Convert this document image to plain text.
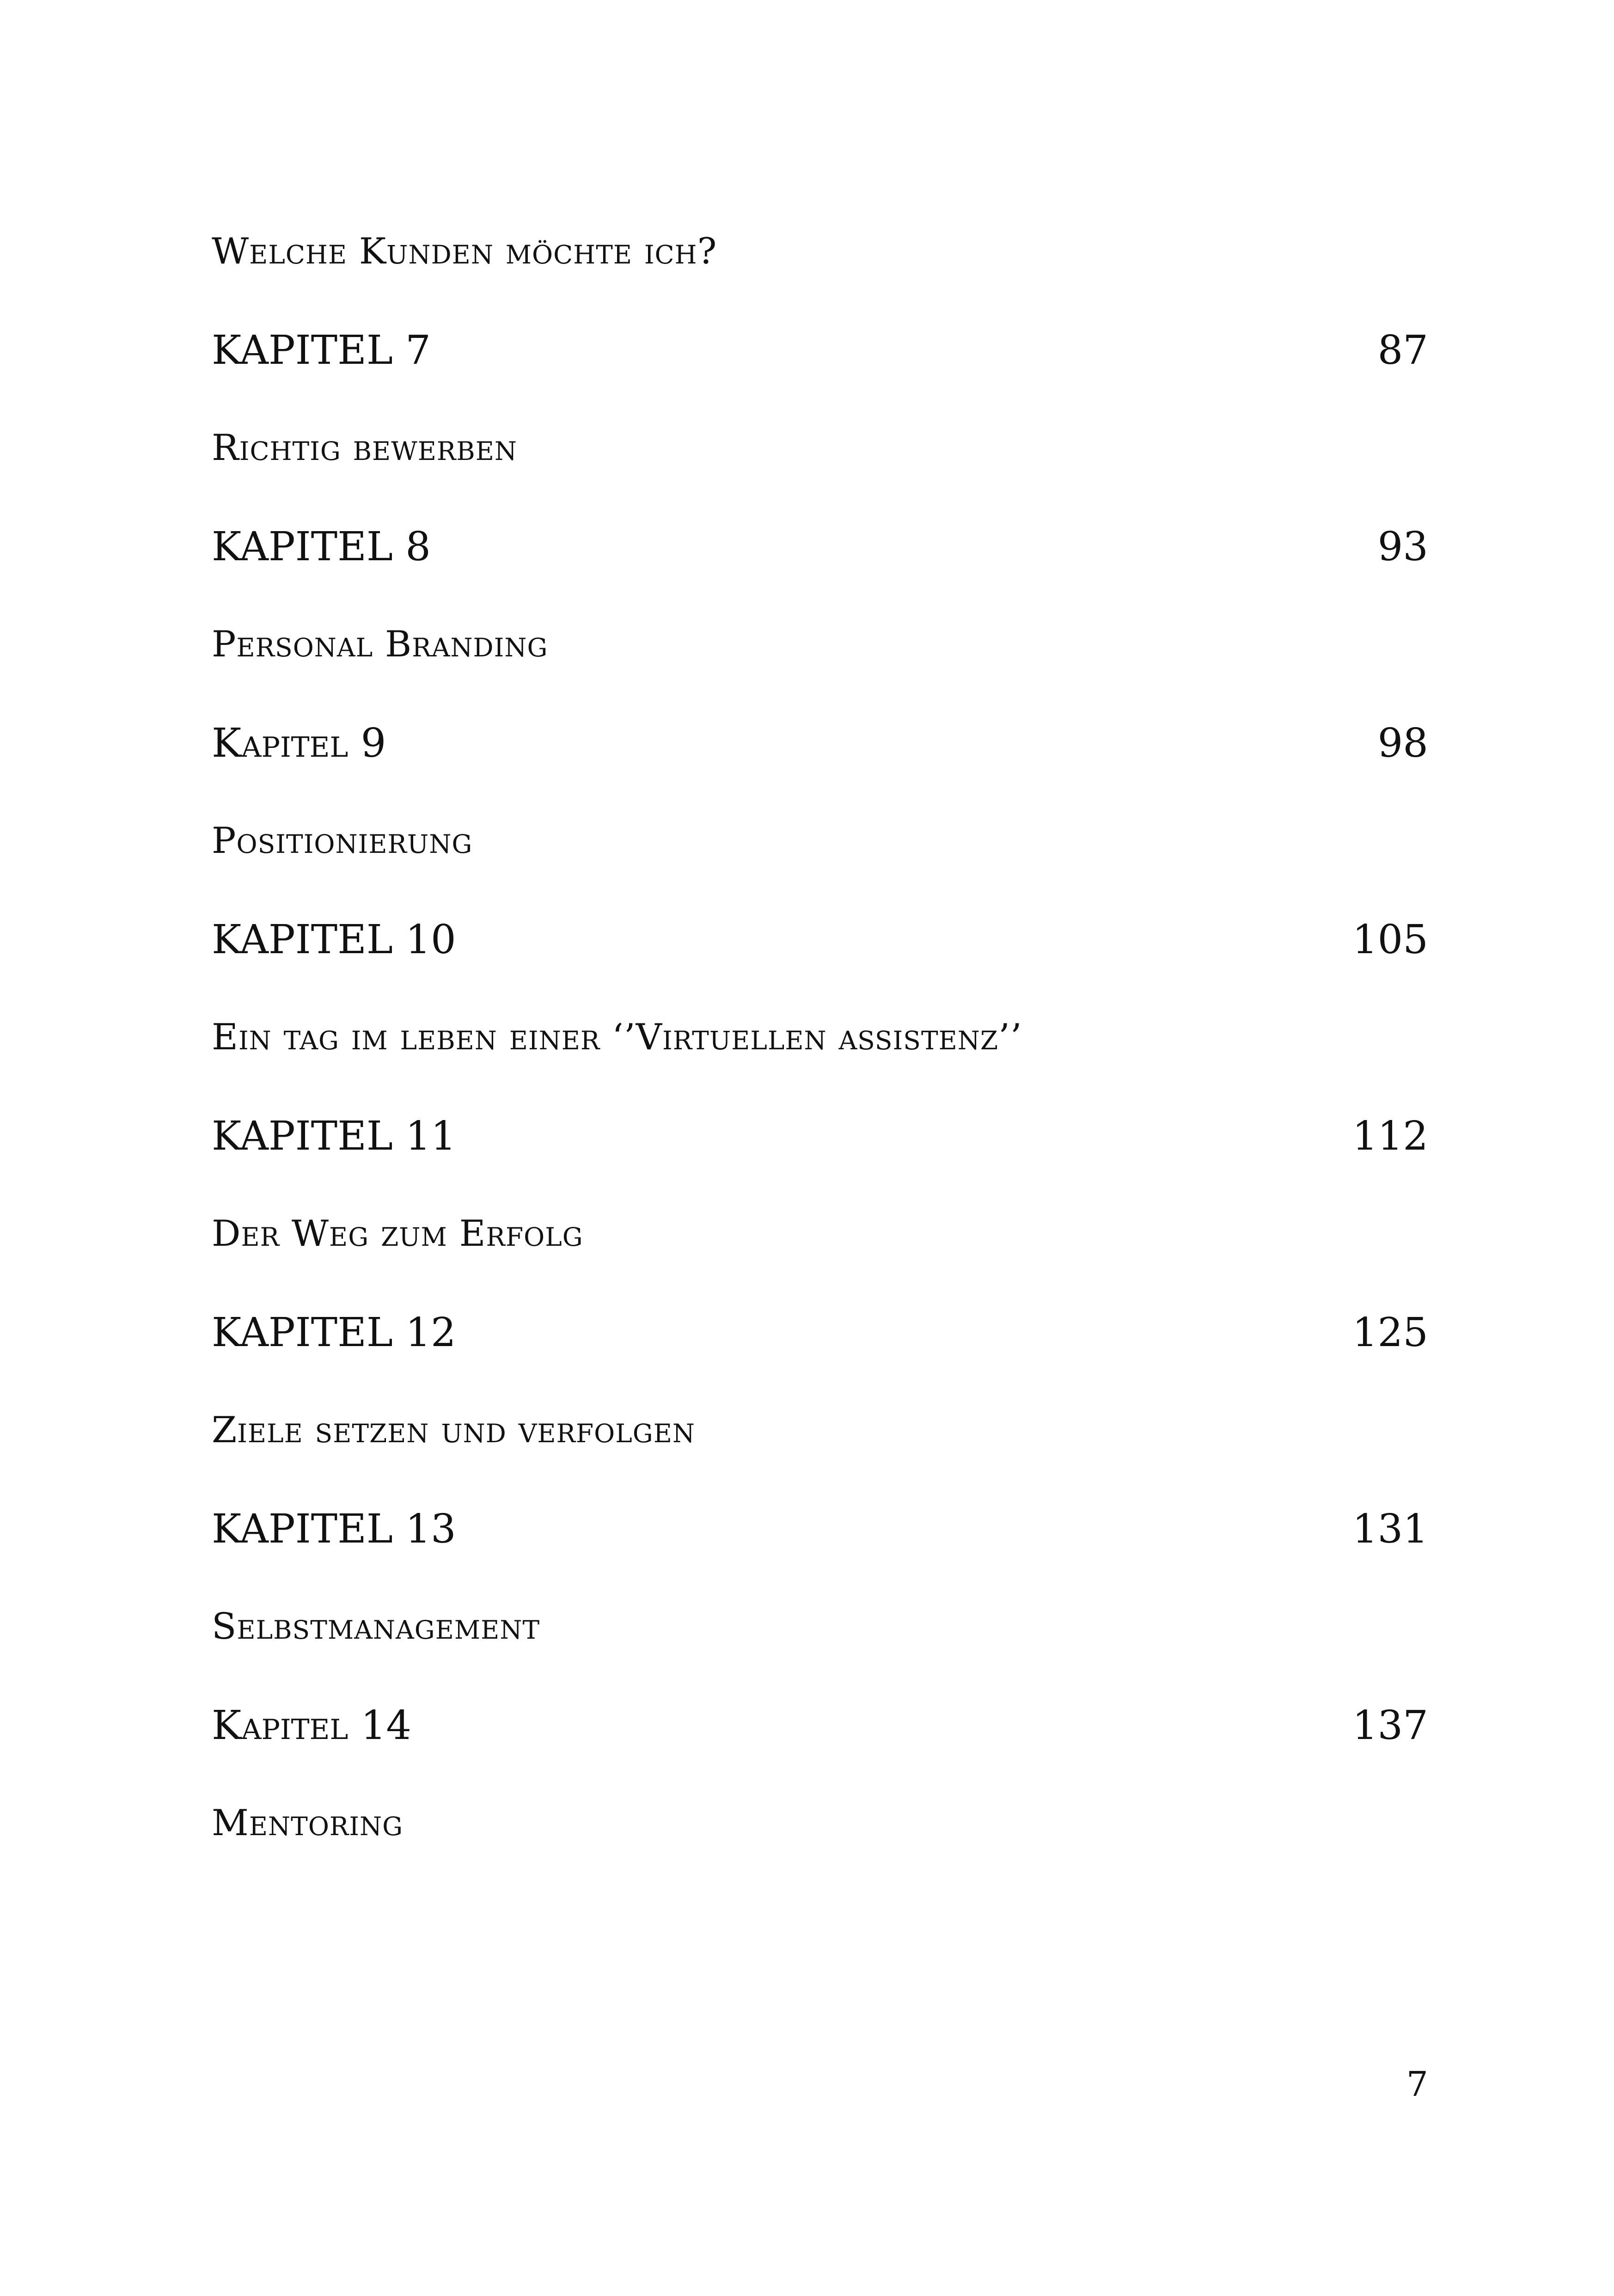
Welche Kunden möchte ich?
KAPITEL 7	87
Richtig bewerben
KAPITEL 8	93
Personal Branding
Kapitel 9	98
Positionierung
KAPITEL 10	105
Ein tag im leben einer ‘’Virtuellen assistenz’’
KAPITEL 11	112
Der Weg zum Erfolg
KAPITEL 12	125
Ziele setzen und verfolgen
KAPITEL 13	131
Selbstmanagement
Kapitel 14	137
Mentoring
7
